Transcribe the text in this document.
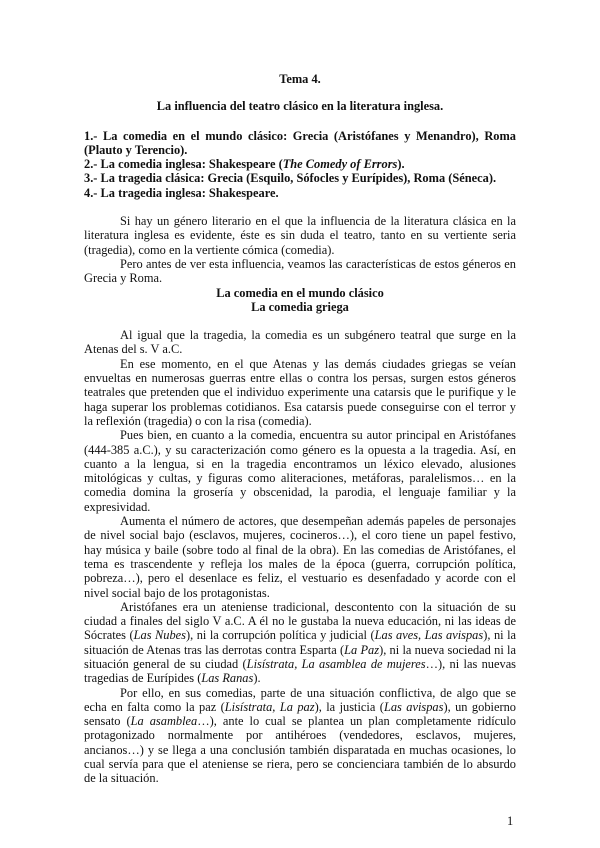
Tema 4.
La influencia del teatro clásico en la literatura inglesa.
1.- La comedia en el mundo clásico: Grecia (Aristófanes y Menandro), Roma (Plauto y Terencio).
2.- La comedia inglesa: Shakespeare (The Comedy of Errors).
3.- La tragedia clásica: Grecia (Esquilo, Sófocles y Eurípides), Roma (Séneca).
4.- La tragedia inglesa: Shakespeare.

Si hay un género literario en el que la influencia de la literatura clásica en la literatura inglesa es evidente, éste es sin duda el teatro, tanto en su vertiente seria (tragedia), como en la vertiente cómica (comedia).

Pero antes de ver esta influencia, veamos las características de estos géneros en Grecia y Roma.

La comedia en el mundo clásico
La comedia griega

Al igual que la tragedia, la comedia es un subgénero teatral que surge en la Atenas del s. V a.C.

En ese momento, en el que Atenas y las demás ciudades griegas se veían envueltas en numerosas guerras entre ellas o contra los persas, surgen estos géneros teatrales que pretenden que el individuo experimente una catarsis que le purifique y le haga superar los problemas cotidianos. Esa catarsis puede conseguirse con el terror y la reflexión (tragedia) o con la risa (comedia).

Pues bien, en cuanto a la comedia, encuentra su autor principal en Aristófanes (444-385 a.C.), y su caracterización como género es la opuesta a la tragedia. Así, en cuanto a la lengua, si en la tragedia encontramos un léxico elevado, alusiones mitológicas y cultas, y figuras como aliteraciones, metáforas, paralelismos… en la comedia domina la grosería y obscenidad, la parodia, el lenguaje familiar y la expresividad.

Aumenta el número de actores, que desempeñan además papeles de personajes de nivel social bajo (esclavos, mujeres, cocineros…), el coro tiene un papel festivo, hay música y baile (sobre todo al final de la obra). En las comedias de Aristófanes, el tema es trascendente y refleja los males de la época (guerra, corrupción política, pobreza…), pero el desenlace es feliz, el vestuario es desenfadado y acorde con el nivel social bajo de los protagonistas.

Aristófanes era un ateniense tradicional, descontento con la situación de su ciudad a finales del siglo V a.C. A él no le gustaba la nueva educación, ni las ideas de Sócrates (Las Nubes), ni la corrupción política y judicial (Las aves, Las avispas), ni la situación de Atenas tras las derrotas contra Esparta (La Paz), ni la nueva sociedad ni la situación general de su ciudad (Lisístrata, La asamblea de mujeres…), ni las nuevas tragedias de Eurípides (Las Ranas).

Por ello, en sus comedias, parte de una situación conflictiva, de algo que se echa en falta como la paz (Lisístrata, La paz), la justicia (Las avispas), un gobierno sensato (La asamblea…), ante lo cual se plantea un plan completamente ridículo protagonizado normalmente por antihéroes (vendedores, esclavos, mujeres, ancianos…) y se llega a una conclusión también disparatada en muchas ocasiones, lo cual servía para que el ateniense se riera, pero se concienciara también de lo absurdo de la situación.

1
